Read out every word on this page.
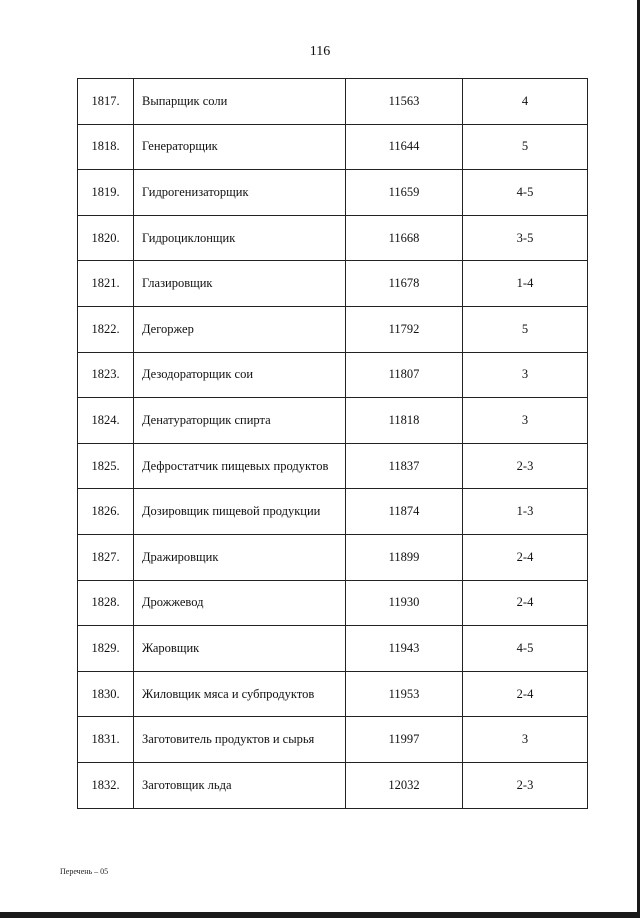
116
1817.	Выпарщик соли	11563	4
1818.	Генераторщик	11644	5
1819.	Гидрогенизаторщик	11659	4-5
1820.	Гидроциклонщик	11668	3-5
1821.	Глазировщик	11678	1-4
1822.	Дегоржер	11792	5
1823.	Дезодораторщик сои	11807	3
1824.	Денатураторщик спирта	11818	3
1825.	Дефростатчик пищевых продуктов	11837	2-3
1826.	Дозировщик пищевой продукции	11874	1-3
1827.	Дражировщик	11899	2-4
1828.	Дрожжевод	11930	2-4
1829.	Жаровщик	11943	4-5
1830.	Жиловщик мяса и субпродуктов	11953	2-4
1831.	Заготовитель продуктов и сырья	11997	3
1832.	Заготовщик льда	12032	2-3
Перечень – 05
